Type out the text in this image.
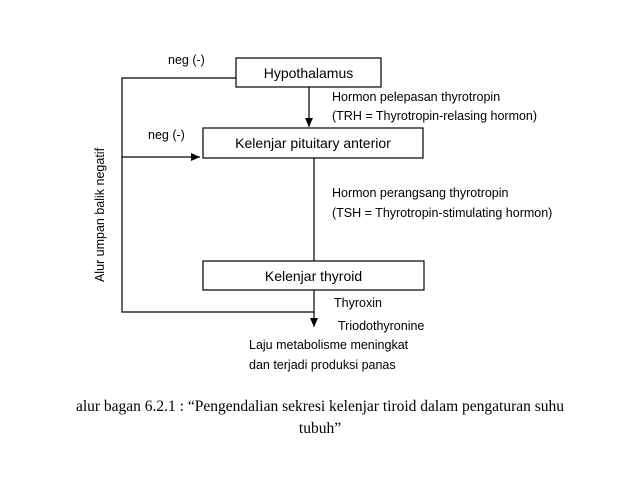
Hypothalamus
Kelenjar pituitary anterior
Kelenjar thyroid
neg (-)
neg (-)
Alur umpan balik negatif
Hormon pelepasan thyrotropin
(TRH = Thyrotropin-relasing hormon)
Hormon perangsang thyrotropin
(TSH = Thyrotropin-stimulating hormon)
Thyroxin
Triodothyronine
Laju metabolisme meningkat
dan terjadi produksi panas
alur bagan 6.2.1 : “Pengendalian sekresi kelenjar tiroid dalam pengaturan suhu
tubuh”
